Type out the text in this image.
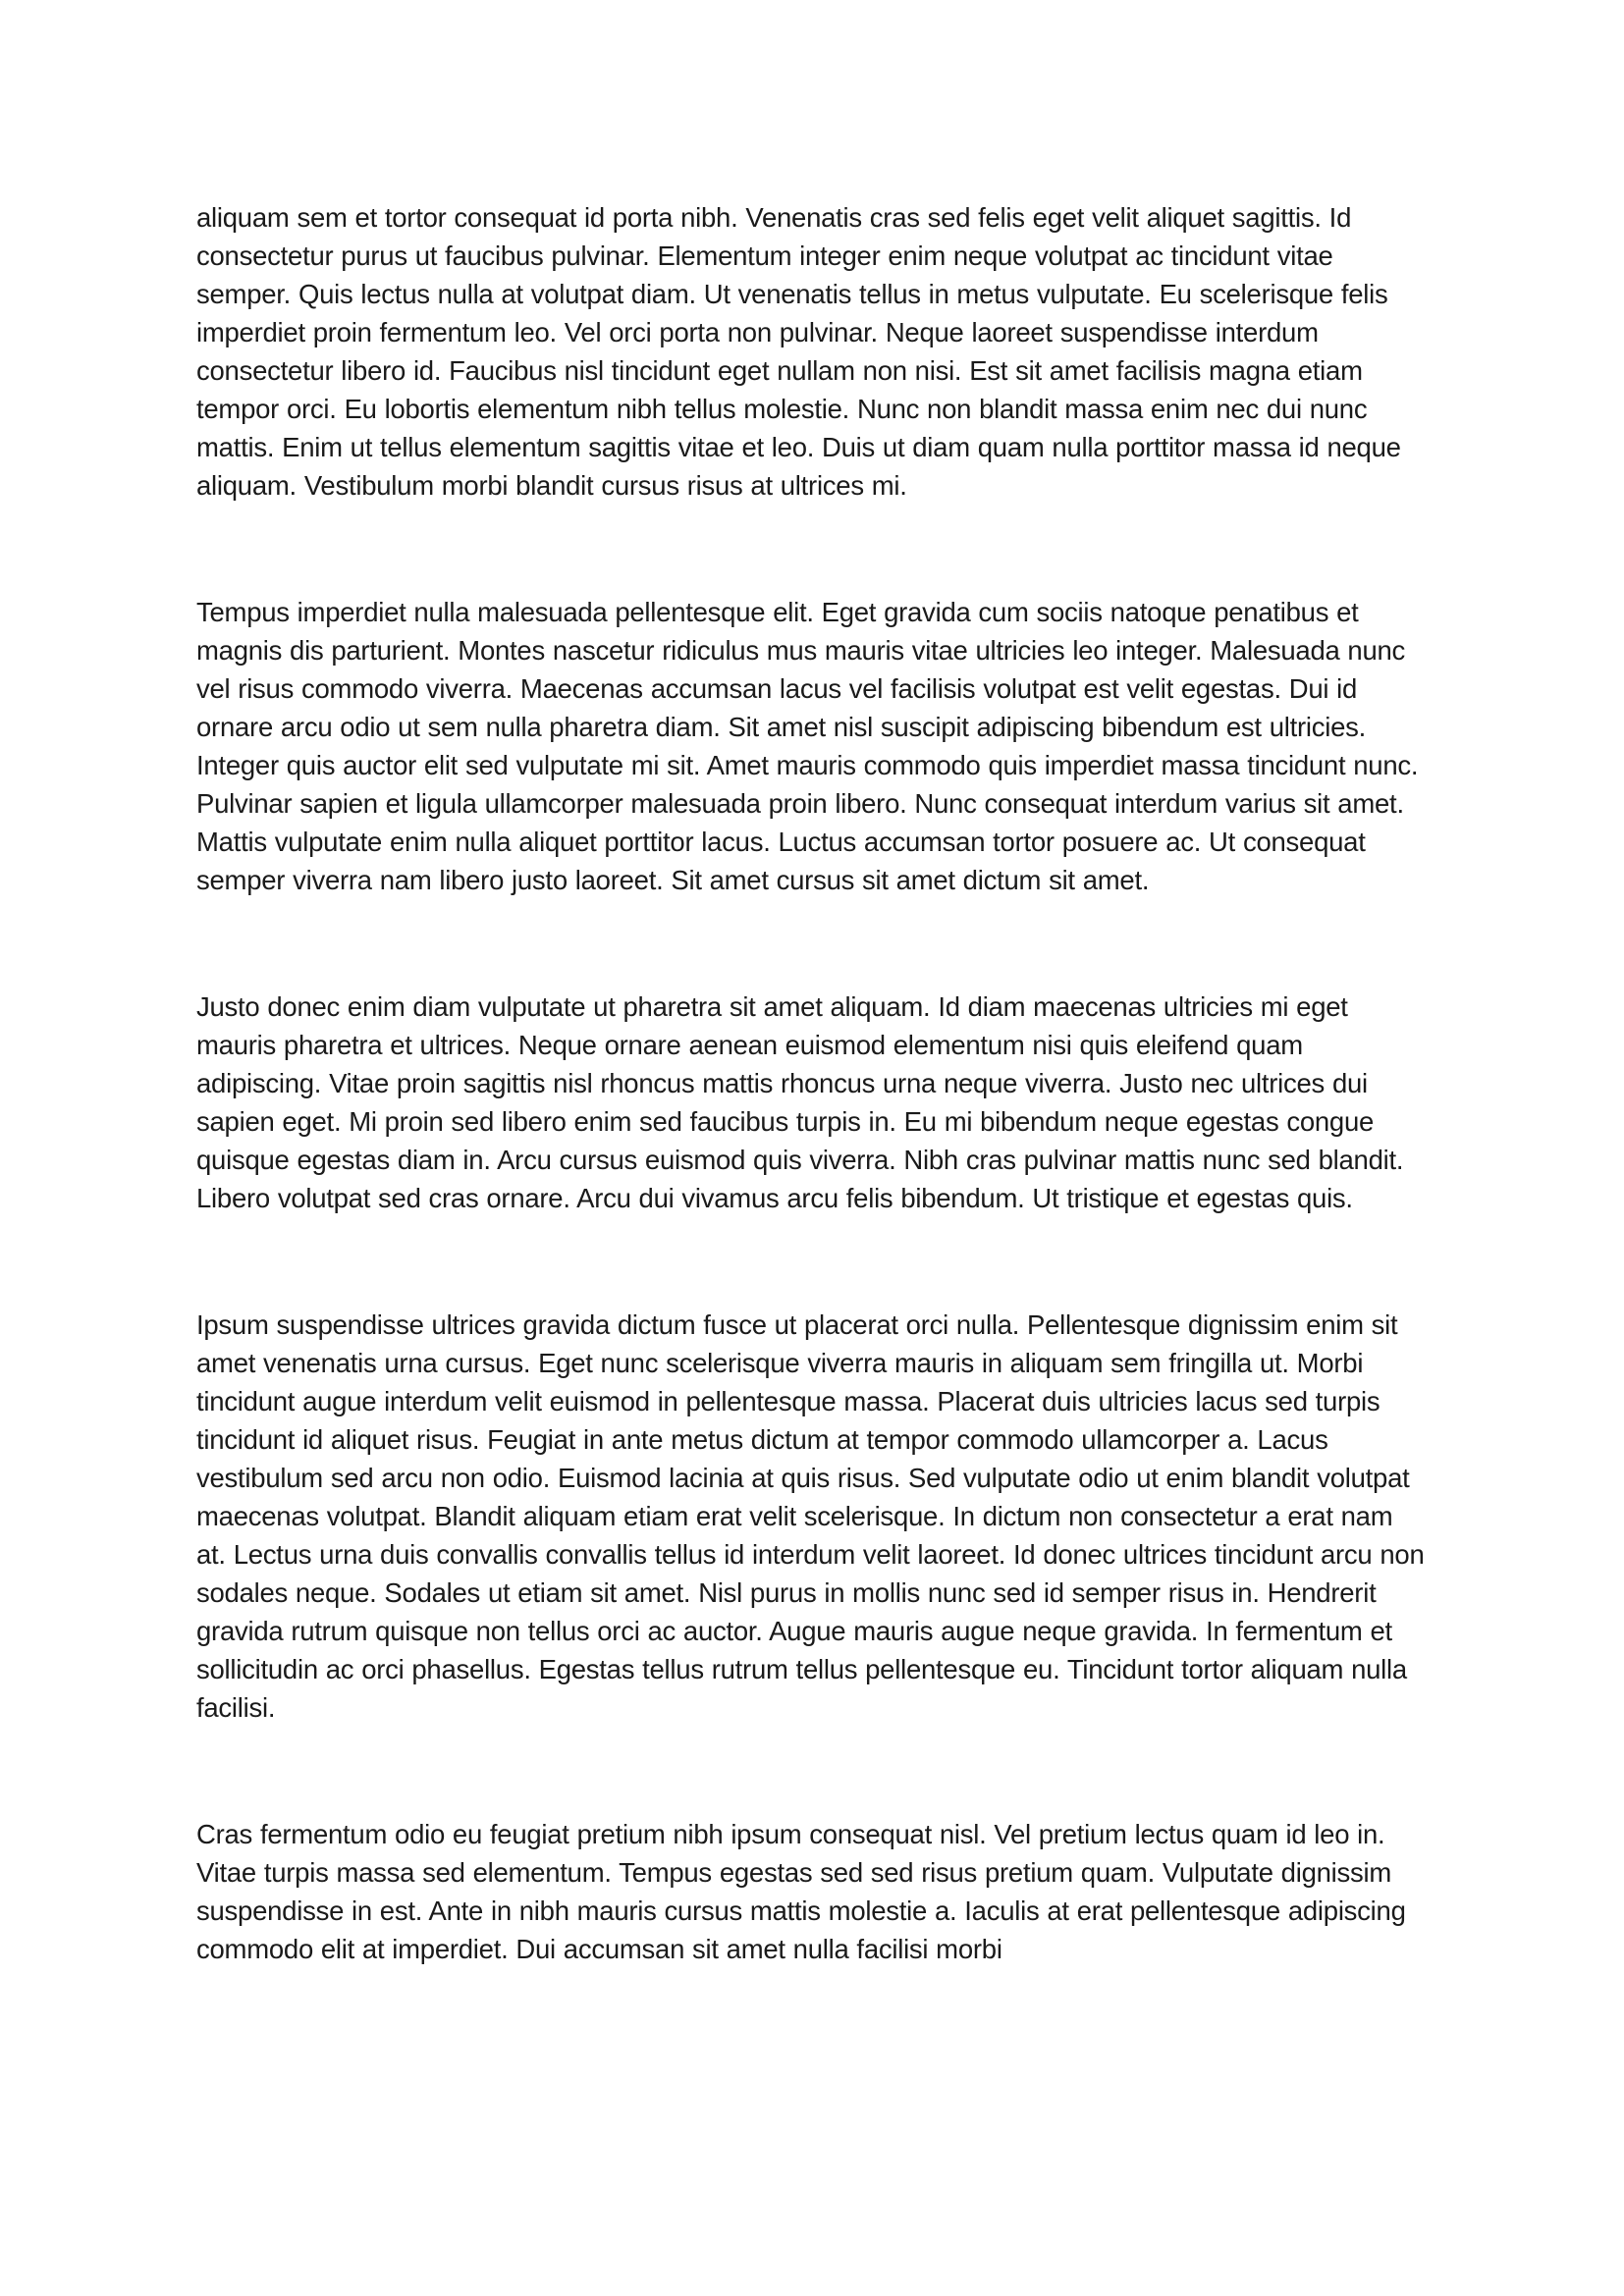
aliquam sem et tortor consequat id porta nibh. Venenatis cras sed felis eget velit aliquet sagittis. Id consectetur purus ut faucibus pulvinar. Elementum integer enim neque volutpat ac tincidunt vitae semper. Quis lectus nulla at volutpat diam. Ut venenatis tellus in metus vulputate. Eu scelerisque felis imperdiet proin fermentum leo. Vel orci porta non pulvinar. Neque laoreet suspendisse interdum consectetur libero id. Faucibus nisl tincidunt eget nullam non nisi. Est sit amet facilisis magna etiam tempor orci. Eu lobortis elementum nibh tellus molestie. Nunc non blandit massa enim nec dui nunc mattis. Enim ut tellus elementum sagittis vitae et leo. Duis ut diam quam nulla porttitor massa id neque aliquam. Vestibulum morbi blandit cursus risus at ultrices mi.

Tempus imperdiet nulla malesuada pellentesque elit. Eget gravida cum sociis natoque penatibus et magnis dis parturient. Montes nascetur ridiculus mus mauris vitae ultricies leo integer. Malesuada nunc vel risus commodo viverra. Maecenas accumsan lacus vel facilisis volutpat est velit egestas. Dui id ornare arcu odio ut sem nulla pharetra diam. Sit amet nisl suscipit adipiscing bibendum est ultricies. Integer quis auctor elit sed vulputate mi sit. Amet mauris commodo quis imperdiet massa tincidunt nunc. Pulvinar sapien et ligula ullamcorper malesuada proin libero. Nunc consequat interdum varius sit amet. Mattis vulputate enim nulla aliquet porttitor lacus. Luctus accumsan tortor posuere ac. Ut consequat semper viverra nam libero justo laoreet. Sit amet cursus sit amet dictum sit amet.

Justo donec enim diam vulputate ut pharetra sit amet aliquam. Id diam maecenas ultricies mi eget mauris pharetra et ultrices. Neque ornare aenean euismod elementum nisi quis eleifend quam adipiscing. Vitae proin sagittis nisl rhoncus mattis rhoncus urna neque viverra. Justo nec ultrices dui sapien eget. Mi proin sed libero enim sed faucibus turpis in. Eu mi bibendum neque egestas congue quisque egestas diam in. Arcu cursus euismod quis viverra. Nibh cras pulvinar mattis nunc sed blandit. Libero volutpat sed cras ornare. Arcu dui vivamus arcu felis bibendum. Ut tristique et egestas quis.

Ipsum suspendisse ultrices gravida dictum fusce ut placerat orci nulla. Pellentesque dignissim enim sit amet venenatis urna cursus. Eget nunc scelerisque viverra mauris in aliquam sem fringilla ut. Morbi tincidunt augue interdum velit euismod in pellentesque massa. Placerat duis ultricies lacus sed turpis tincidunt id aliquet risus. Feugiat in ante metus dictum at tempor commodo ullamcorper a. Lacus vestibulum sed arcu non odio. Euismod lacinia at quis risus. Sed vulputate odio ut enim blandit volutpat maecenas volutpat. Blandit aliquam etiam erat velit scelerisque. In dictum non consectetur a erat nam at. Lectus urna duis convallis convallis tellus id interdum velit laoreet. Id donec ultrices tincidunt arcu non sodales neque. Sodales ut etiam sit amet. Nisl purus in mollis nunc sed id semper risus in. Hendrerit gravida rutrum quisque non tellus orci ac auctor. Augue mauris augue neque gravida. In fermentum et sollicitudin ac orci phasellus. Egestas tellus rutrum tellus pellentesque eu. Tincidunt tortor aliquam nulla facilisi.

Cras fermentum odio eu feugiat pretium nibh ipsum consequat nisl. Vel pretium lectus quam id leo in. Vitae turpis massa sed elementum. Tempus egestas sed sed risus pretium quam. Vulputate dignissim suspendisse in est. Ante in nibh mauris cursus mattis molestie a. Iaculis at erat pellentesque adipiscing commodo elit at imperdiet. Dui accumsan sit amet nulla facilisi morbi
